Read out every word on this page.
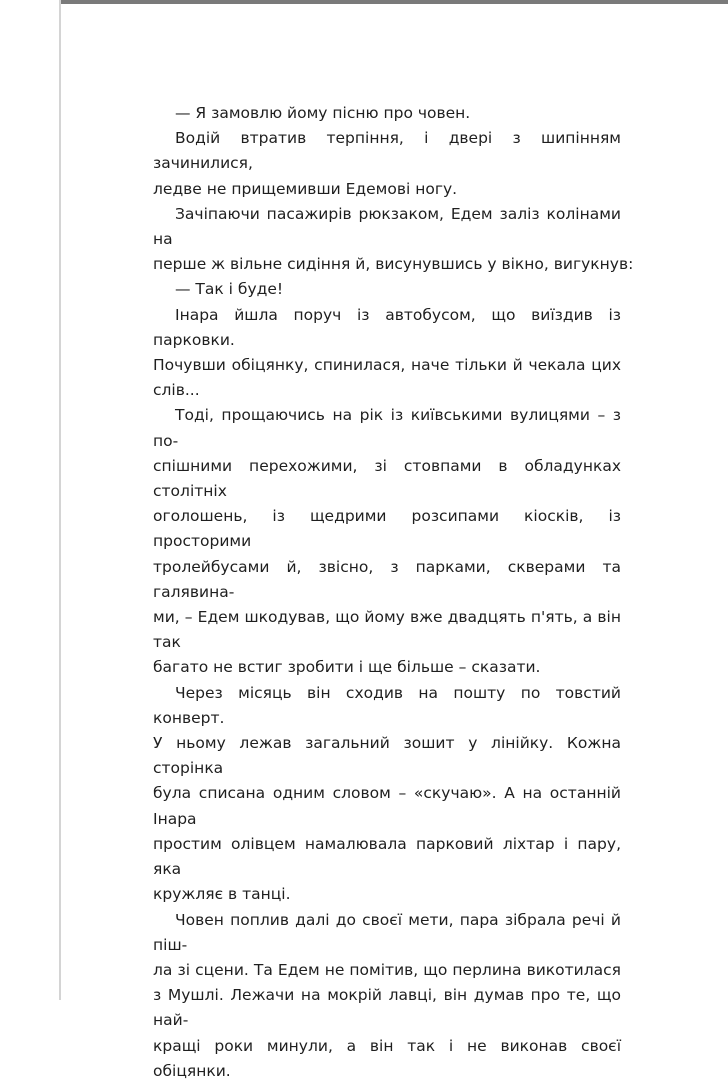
— Я замовлю йому пісню про човен.

Водій втратив терпіння, і двері з шипінням зачинилися,
ледве не прищемивши Едемові ногу.

Зачіпаючи пасажирів рюкзаком, Едем заліз колінами на
перше ж вільне сидіння й, висунувшись у вікно, вигукнув:

— Так і буде!

Інара йшла поруч із автобусом, що виїздив із парковки.
Почувши обіцянку, спинилася, наче тільки й чекала цих
слів...

Тоді, прощаючись на рік із київськими вулицями – з по-
спішними перехожими, зі стовпами в обладунках столітніх
оголошень, із щедрими розсипами кіосків, із просторими
тролейбусами й, звісно, з парками, скверами та галявина-
ми, – Едем шкодував, що йому вже двадцять п'ять, а він так
багато не встиг зробити і ще більше – сказати.

Через місяць він сходив на пошту по товстий конверт.
У ньому лежав загальний зошит у лінійку. Кожна сторінка
була списана одним словом – «скучаю». А на останній Інара
простим олівцем намалювала парковий ліхтар і пару, яка
кружляє в танці.

Човен поплив далі до своєї мети, пара зібрала речі й піш-
ла зі сцени. Та Едем не помітив, що перлина викотилася
з Мушлі. Лежачи на мокрій лавці, він думав про те, що най-
кращі роки минули, а він так і не виконав своєї обіцянки.
